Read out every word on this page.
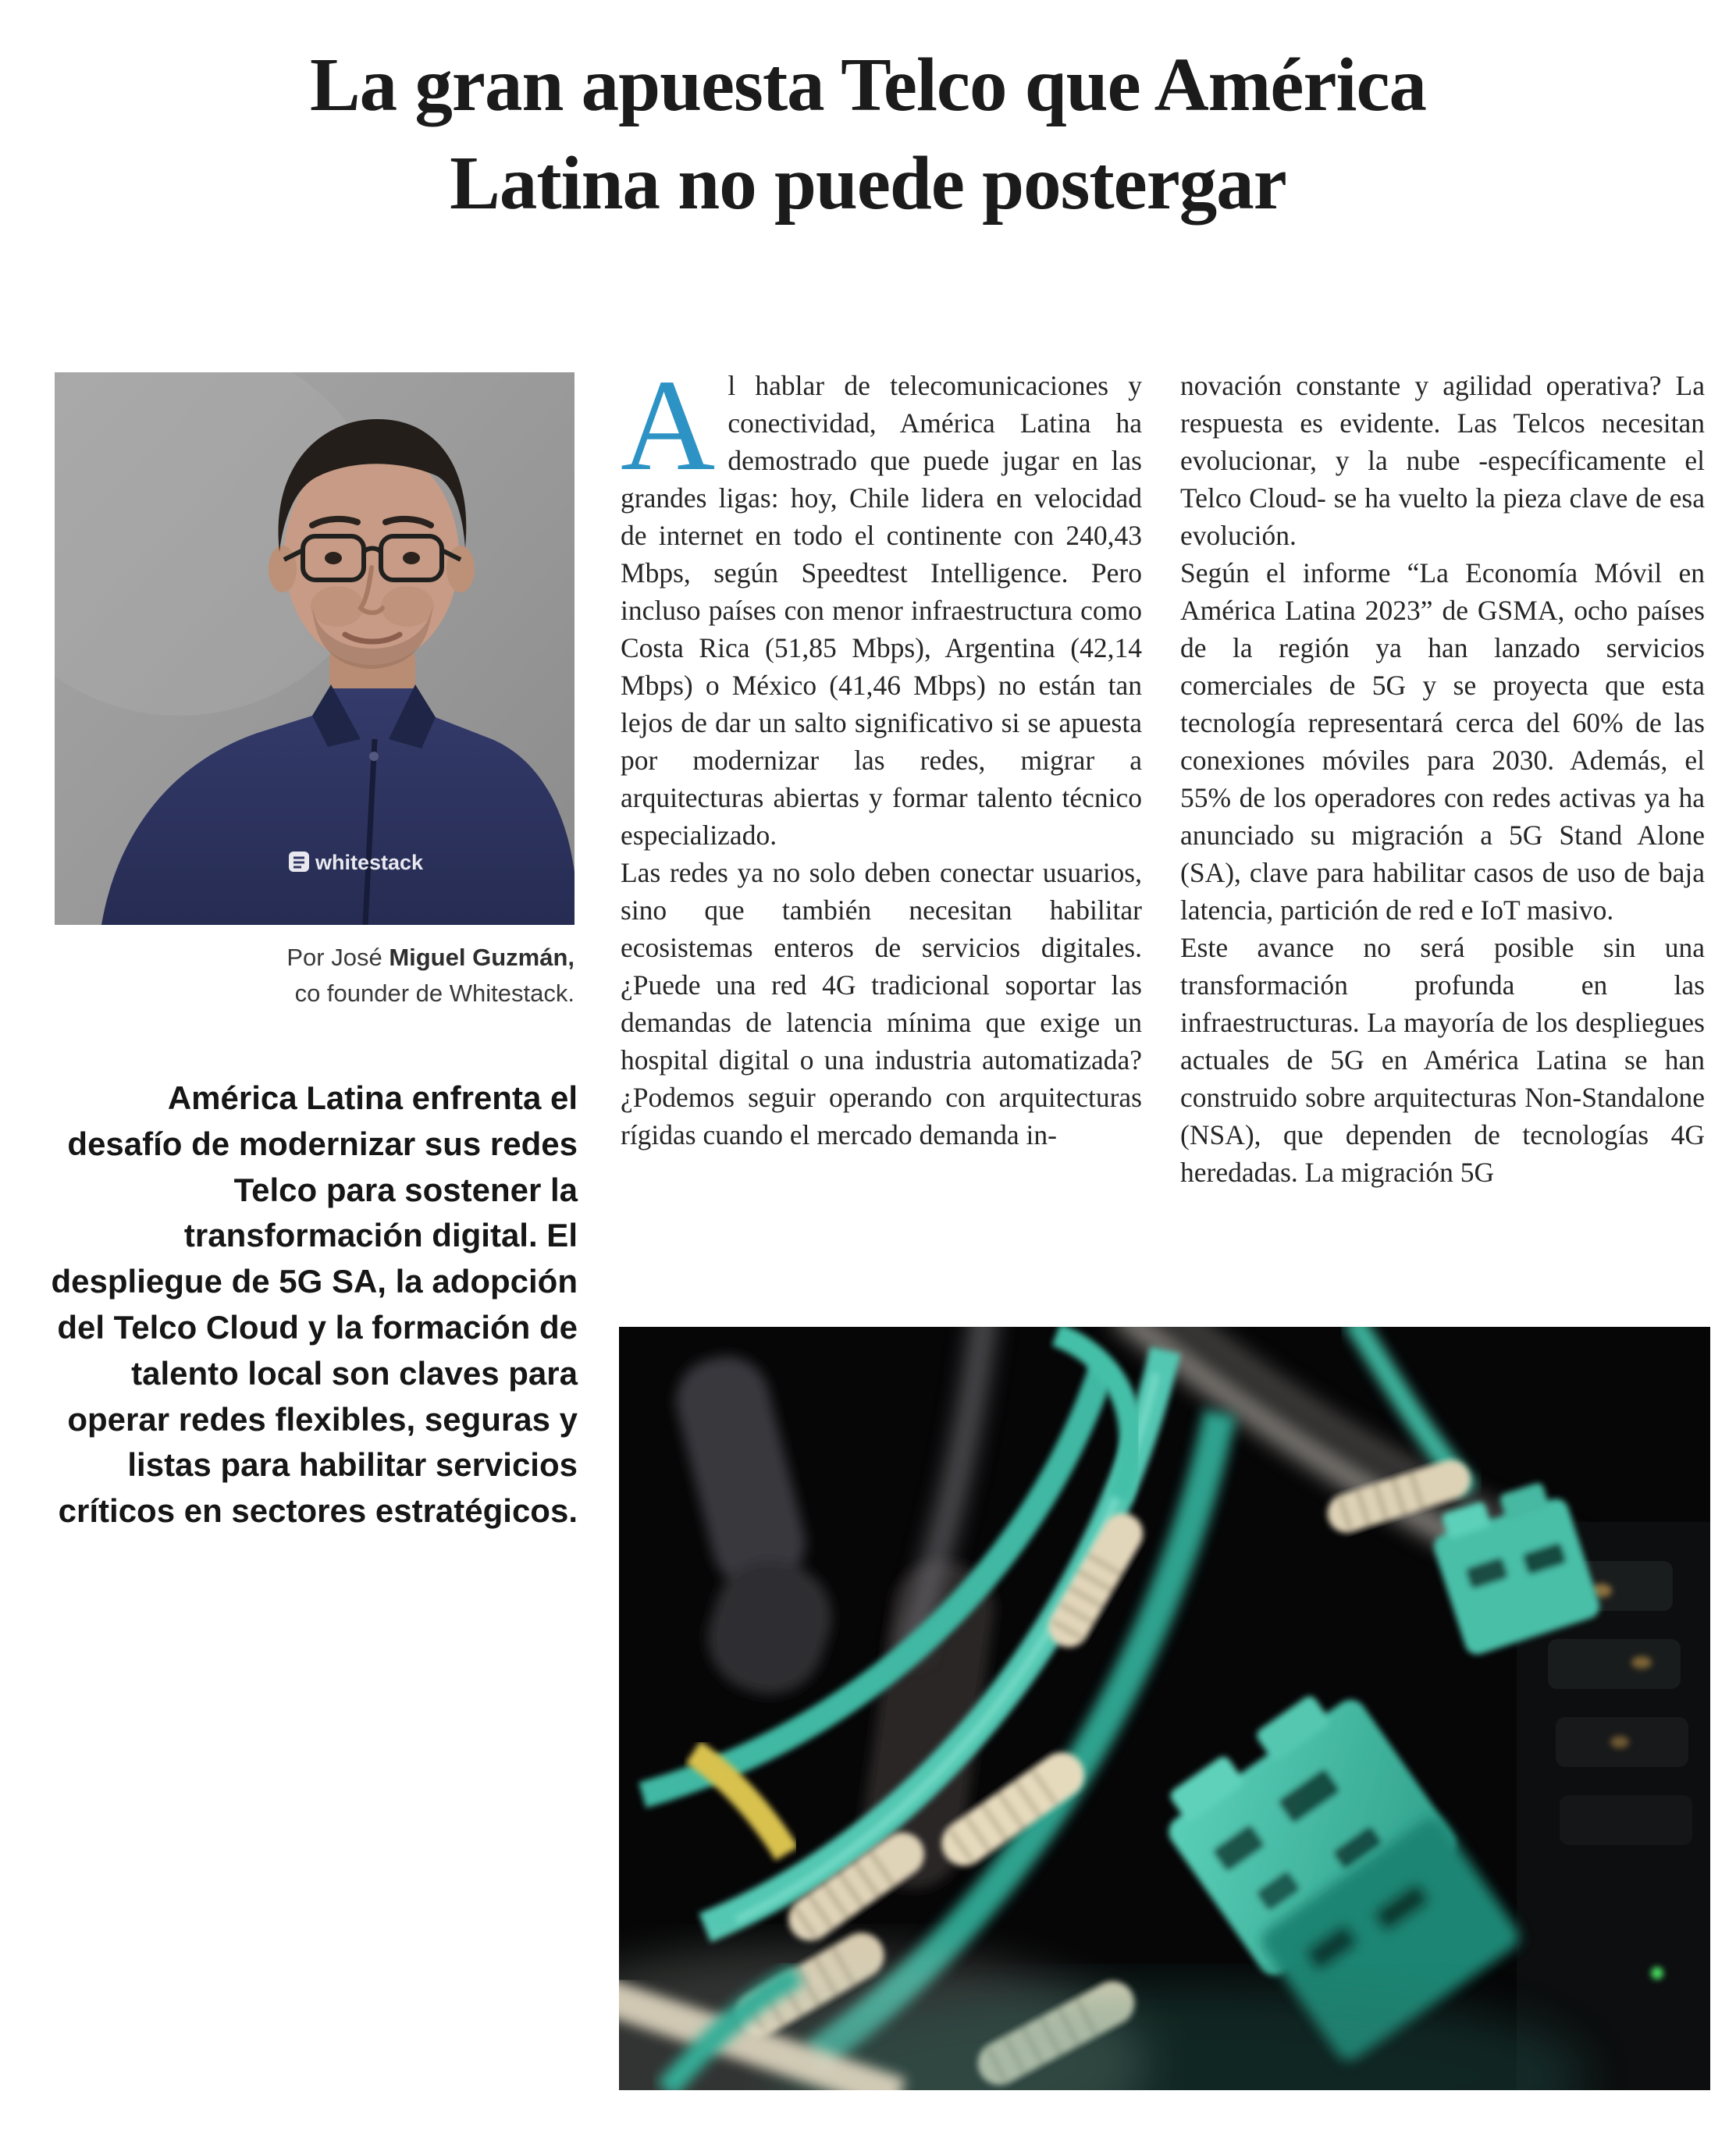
La gran apuesta Telco que América
Latina no puede postergar
whitestack
Por José Miguel Guzmán,
co founder de Whitestack.
América Latina enfrenta el desafío de modernizar sus redes Telco para sostener la transformación digital. El despliegue de 5G SA, la adopción del Telco Cloud y la formación de talento local son claves para operar redes flexibles, seguras y listas para habilitar servicios críticos en sectores estratégicos.

Al hablar de telecomunicaciones y conectividad, América Latina ha demostrado que puede jugar en las grandes ligas: hoy, Chile lidera en velocidad de internet en todo el continente con 240,43 Mbps, según Speedtest Intelligence. Pero incluso países con menor infraestructura como Costa Rica (51,85 Mbps), Argentina (42,14 Mbps) o México (41,46 Mbps) no están tan lejos de dar un salto significativo si se apuesta por modernizar las redes, migrar a arquitecturas abiertas y formar talento técnico especializado.

Las redes ya no solo deben conectar usuarios, sino que también necesitan habilitar ecosistemas enteros de servicios digitales. ¿Puede una red 4G tradicional soportar las demandas de latencia mínima que exige un hospital digital o una industria automatizada? ¿Podemos seguir operando con arquitecturas rígidas cuando el mercado demanda in-

novación constante y agilidad operativa? La respuesta es evidente. Las Telcos necesitan evolucionar, y la nube -específicamente el Telco Cloud- se ha vuelto la pieza clave de esa evolución.

Según el informe “La Economía Móvil en América Latina 2023” de GSMA, ocho países de la región ya han lanzado servicios comerciales de 5G y se proyecta que esta tecnología representará cerca del 60% de las conexiones móviles para 2030. Además, el 55% de los operadores con redes activas ya ha anunciado su migración a 5G Stand Alone (SA), clave para habilitar casos de uso de baja latencia, partición de red e IoT masivo.

Este avance no será posible sin una transformación profunda en las infraestructuras. La mayoría de los despliegues actuales de 5G en América Latina se han construido sobre arquitecturas Non-Standalone (NSA), que dependen de tecnologías 4G heredadas. La migración 5G
